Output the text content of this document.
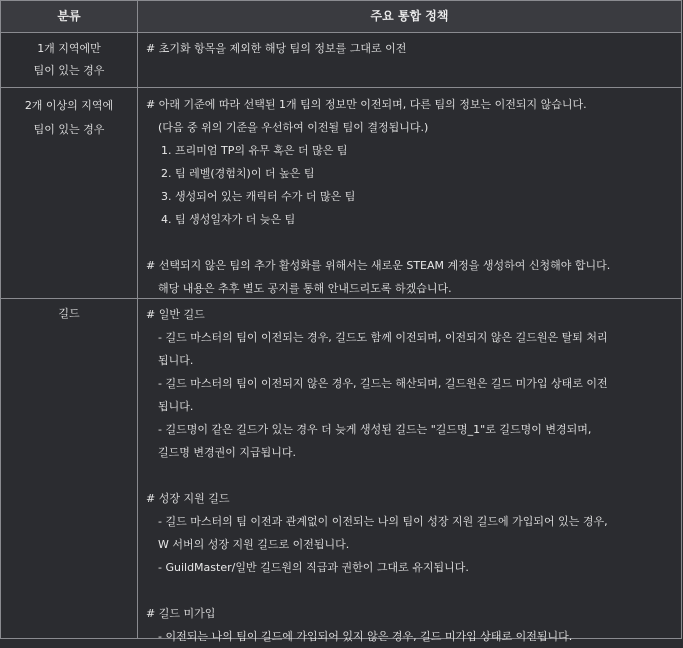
분류	주요 통합 정책
1개 지역에만
팀이 있는 경우
# 초기화 항목을 제외한 해당 팀의 정보를 그대로 이전
2개 이상의 지역에
팀이 있는 경우
# 아래 기준에 따라 선택된 1개 팀의 정보만 이전되며, 다른 팀의 정보는 이전되지 않습니다.
(다음 중 위의 기준을 우선하여 이전될 팀이 결정됩니다.)
1. 프리미엄 TP의 유무 혹은 더 많은 팀
2. 팀 레벨(경험치)이 더 높은 팀
3. 생성되어 있는 캐릭터 수가 더 많은 팀
4. 팀 생성일자가 더 늦은 팀
# 선택되지 않은 팀의 추가 활성화를 위해서는 새로운 STEAM 계정을 생성하여 신청해야 합니다.
해당 내용은 추후 별도 공지를 통해 안내드리도록 하겠습니다.
길드	# 일반 길드
- 길드 마스터의 팀이 이전되는 경우, 길드도 함께 이전되며, 이전되지 않은 길드원은 탈퇴 처리
됩니다.
- 길드 마스터의 팀이 이전되지 않은 경우, 길드는 해산되며, 길드원은 길드 미가입 상태로 이전
됩니다.
- 길드명이 같은 길드가 있는 경우 더 늦게 생성된 길드는 "길드명_1"로 길드명이 변경되며,
길드명 변경권이 지급됩니다.
# 성장 지원 길드
- 길드 마스터의 팀 이전과 관계없이 이전되는 나의 팀이 성장 지원 길드에 가입되어 있는 경우,
W 서버의 성장 지원 길드로 이전됩니다.
- GuildMaster/일반 길드원의 직급과 권한이 그대로 유지됩니다.
# 길드 미가입
- 이전되는 나의 팀이 길드에 가입되어 있지 않은 경우, 길드 미가입 상태로 이전됩니다.
